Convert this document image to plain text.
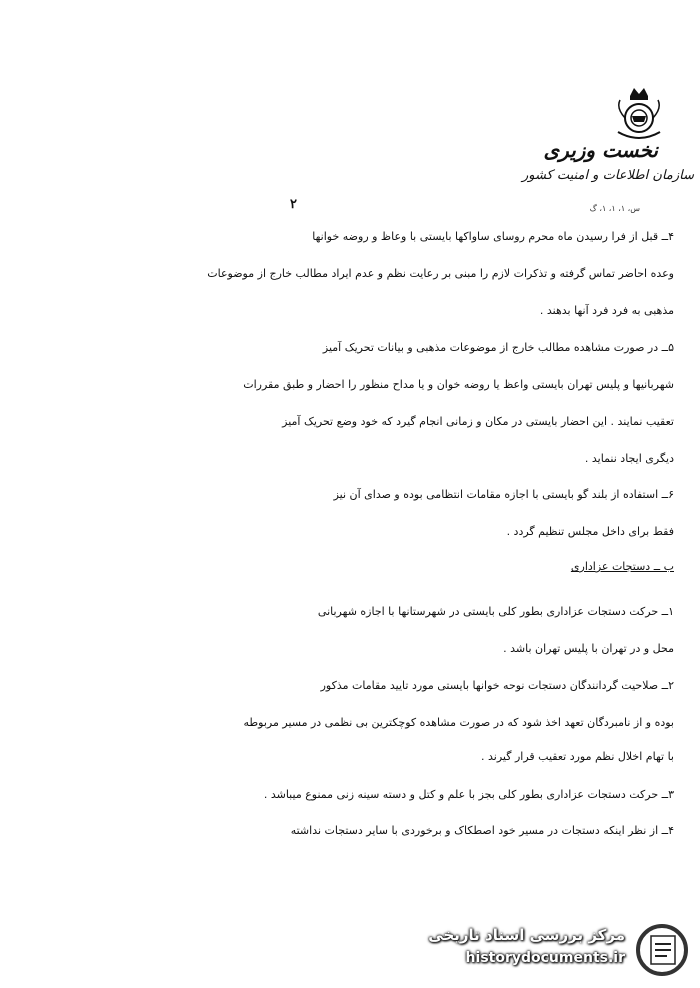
نخست وزیری
سازمان اطلاعات و امنیت کشور
س، ۱، ۱، ۱، گ
۲
۴ــ قبل از فرا رسیدن ماه محرم روسای ساواکها بایستی با وعاظ و روضه خوانها
وعده احاضر تماس گرفته و تذکرات لازم را مبنی بر رعایت نظم و عدم ایراد مطالب خارج از موضوعات
مذهبی به فرد فرد آنها بدهند .
۵ــ در صورت مشاهده مطالب خارج از موضوعات مذهبی و بیانات تحریک آمیز
شهربانیها و پلیس تهران بایستی واعظ یا روضه خوان و یا مداح منظور را احضار و طبق مقررات
تعقیب نمایند . این احضار بایستی در مکان و زمانی انجام گیرد که خود وضع تحریک آمیز
دیگری ایجاد ننماید .
۶ــ استفاده از بلند گو بایستی با اجازه مقامات انتظامی بوده و صدای آن نیز
فقط برای داخل مجلس تنظیم گردد .
ب ــ دستجات عزاداری
۱ــ حرکت دستجات عزاداری بطور کلی بایستی در شهرستانها با اجازه شهربانی
محل و در تهران با پلیس تهران باشد .
۲ــ صلاحیت گردانندگان دستجات نوحه خوانها بایستی مورد تایید مقامات مذکور
بوده و از نامبردگان تعهد اخذ شود که در صورت مشاهده کوچکترین بی نظمی در مسیر مربوطه
با تهام اخلال نظم مورد تعقیب قرار گیرند .
۳ــ حرکت دستجات عزاداری بطور کلی بجز با علم و کتل و دسته سینه زنی ممنوع میباشد .
۴ــ از نظر اینکه دستجات در مسیر خود اصطکاک و برخوردی با سایر دستجات نداشته
مرکز بررسی اسناد تاریخی
historydocuments.ir
